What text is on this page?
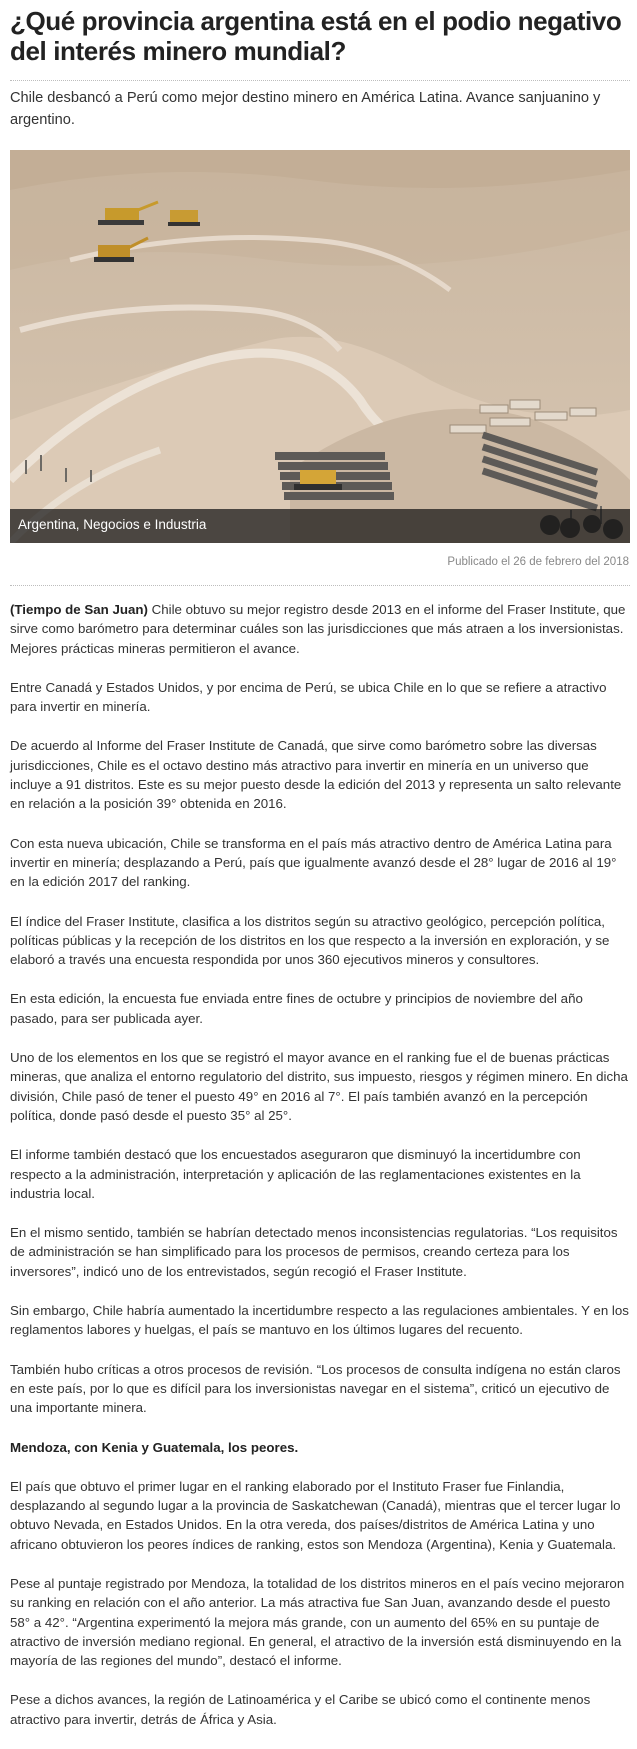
¿Qué provincia argentina está en el podio negativo del interés minero mundial?

Chile desbancó a Perú como mejor destino minero en América Latina. Avance sanjuanino y argentino.

Argentina, Negocios e Industria
Publicado el 26 de febrero del 2018

(Tiempo de San Juan) Chile obtuvo su mejor registro desde 2013 en el informe del Fraser Institute, que sirve como barómetro para determinar cuáles son las jurisdicciones que más atraen a los inversionistas. Mejores prácticas mineras permitieron el avance.

Entre Canadá y Estados Unidos, y por encima de Perú, se ubica Chile en lo que se refiere a atractivo para invertir en minería.

De acuerdo al Informe del Fraser Institute de Canadá, que sirve como barómetro sobre las diversas jurisdicciones, Chile es el octavo destino más atractivo para invertir en minería en un universo que incluye a 91 distritos. Este es su mejor puesto desde la edición del 2013 y representa un salto relevante en relación a la posición 39° obtenida en 2016.

Con esta nueva ubicación, Chile se transforma en el país más atractivo dentro de América Latina para invertir en minería; desplazando a Perú, país que igualmente avanzó desde el 28° lugar de 2016 al 19° en la edición 2017 del ranking.

El índice del Fraser Institute, clasifica a los distritos según su atractivo geológico, percepción política, políticas públicas y la recepción de los distritos en los que respecto a la inversión en exploración, y se elaboró a través una encuesta respondida por unos 360 ejecutivos mineros y consultores.

En esta edición, la encuesta fue enviada entre fines de octubre y principios de noviembre del año pasado, para ser publicada ayer.

Uno de los elementos en los que se registró el mayor avance en el ranking fue el de buenas prácticas mineras, que analiza el entorno regulatorio del distrito, sus impuesto, riesgos y régimen minero. En dicha división, Chile pasó de tener el puesto 49° en 2016 al 7°. El país también avanzó en la percepción política, donde pasó desde el puesto 35° al 25°.

El informe también destacó que los encuestados aseguraron que disminuyó la incertidumbre con respecto a la administración, interpretación y aplicación de las reglamentaciones existentes en la industria local.

En el mismo sentido, también se habrían detectado menos inconsistencias regulatorias. “Los requisitos de administración se han simplificado para los procesos de permisos, creando certeza para los inversores”, indicó uno de los entrevistados, según recogió el Fraser Institute.

Sin embargo, Chile habría aumentado la incertidumbre respecto a las regulaciones ambientales. Y en los reglamentos labores y huelgas, el país se mantuvo en los últimos lugares del recuento.

También hubo críticas a otros procesos de revisión. “Los procesos de consulta indígena no están claros en este país, por lo que es difícil para los inversionistas navegar en el sistema”, criticó un ejecutivo de una importante minera.

Mendoza, con Kenia y Guatemala, los peores.

El país que obtuvo el primer lugar en el ranking elaborado por el Instituto Fraser fue Finlandia, desplazando al segundo lugar a la provincia de Saskatchewan (Canadá), mientras que el tercer lugar lo obtuvo Nevada, en Estados Unidos. En la otra vereda, dos países/distritos de América Latina y uno africano obtuvieron los peores índices de ranking, estos son Mendoza (Argentina), Kenia y Guatemala.

Pese al puntaje registrado por Mendoza, la totalidad de los distritos mineros en el país vecino mejoraron su ranking en relación con el año anterior. La más atractiva fue San Juan, avanzando desde el puesto 58° a 42°. “Argentina experimentó la mejora más grande, con un aumento del 65% en su puntaje de atractivo de inversión mediano regional. En general, el atractivo de la inversión está disminuyendo en la mayoría de las regiones del mundo”, destacó el informe.

Pese a dichos avances, la región de Latinoamérica y el Caribe se ubicó como el continente menos atractivo para invertir, detrás de África y Asia.
